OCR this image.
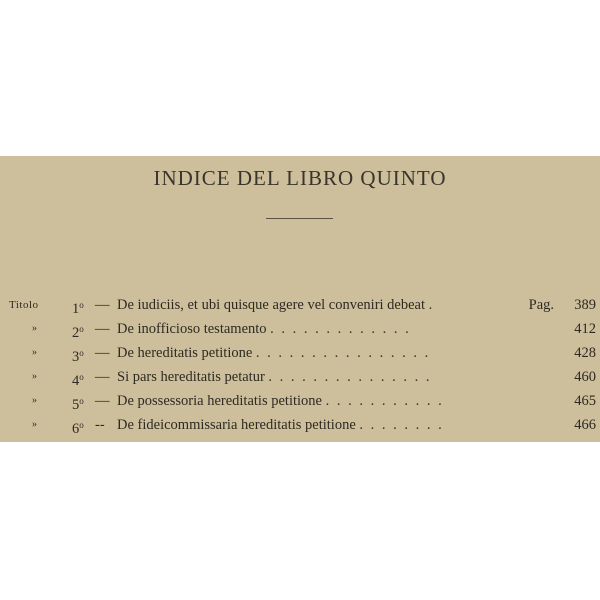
INDICE DEL LIBRO QUINTO
Titolo 1$^o$ — De iudiciis, et ubi quisque agere vel conveniri debeat .	Pag. 389
» 2$^o$ — De inofficioso testamento . . . . . . . . . . . . .	412
» 3$^o$ — De hereditatis petitione . . . . . . . . . . . . . . . .	428
» 4$^o$ — Si pars hereditatis petatur . . . . . . . . . . . . . . .	460
» 5$^o$ — De possessoria hereditatis petitione . . . . . . . . . . .	465
» 6$^o$ -- De fideicommissaria hereditatis petitione . . . . . . . .	466
